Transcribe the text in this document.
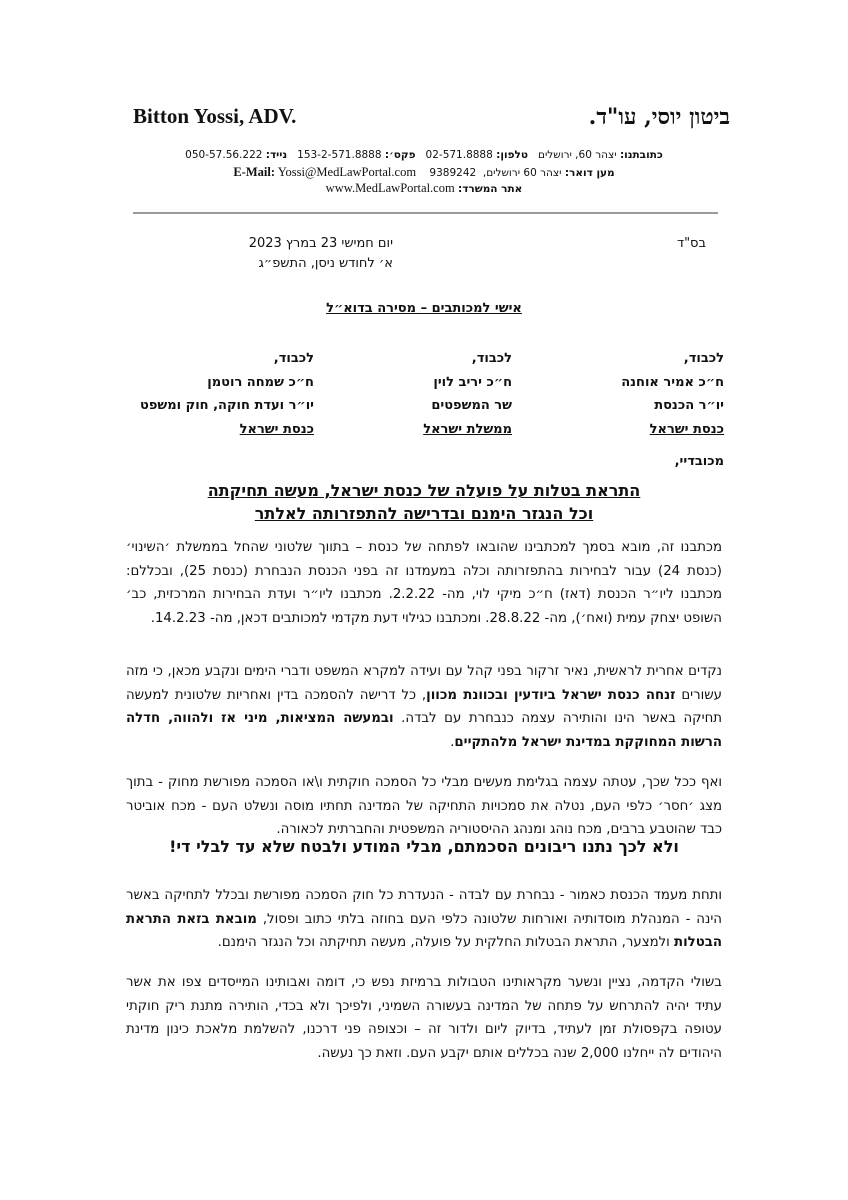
ביטון יוסי, עו"ד.
Bitton Yossi, ADV.
כתובתנו: יצהר 60, ירושלים   טלפון: 02-571.8888   פקס׳: 153-2-571.8888   נייד: 050-57.56.222
מען דואר: יצהר 60 ירושלים,  9389242    E-Mail: Yossi@MedLawPortal.com
אתר המשרד: www.MedLawPortal.com
בס"ד
יום חמישי 23 במרץ 2023
א׳ לחודש ניסן, התשפ״ג
אישי למכותבים – מסירה בדוא״ל
לכבוד,
ח״כ אמיר אוחנה
יו״ר הכנסת
כנסת ישראל
לכבוד,
ח״כ יריב לוין
שר המשפטים
ממשלת ישראל
לכבוד,
ח״כ שמחה רוטמן
יו״ר ועדת חוקה, חוק ומשפט
כנסת ישראל
מכובדיי,
התראת בטלות על פועלה של כנסת ישראל, מעשה תחיקתה
וכל הנגזר הימנם ובדרישה להתפזרותה לאלתר
מכתבנו זה, מובא בסמך למכתבינו שהובאו לפתחה של כנסת – בתווך שלטוני שהחל בממשלת ׳השינוי׳ (כנסת 24) עבור לבחירות בהתפזרותה וכלה במעמדנו זה בפני הכנסת הנבחרת (כנסת 25), ובכללם: מכתבנו ליו״ר הכנסת (דאז) ח״כ מיקי לוי, מה- 2.2.22. מכתבנו ליו״ר ועדת הבחירות המרכזית, כב׳ השופט יצחק עמית (ואח׳), מה- 28.8.22. ומכתבנו כגילוי דעת מקדמי למכותבים דכאן, מה- 14.2.23.
נקדים אחרית לראשית, נאיר זרקור בפני קהל עם ועידה למקרא המשפט ודברי הימים ונקבע מכאן, כי מזה עשורים זנחה כנסת ישראל ביודעין ובכוונת מכוון, כל דרישה להסמכה בדין ואחריות שלטונית למעשה תחיקה באשר הינו והותירה עצמה כנבחרת עם לבדה. ובמעשה המציאות, מיני אז ולהווה, חדלה הרשות המחוקקת במדינת ישראל מלהתקיים.
ואף ככל שכך, עטתה עצמה בגלימת מעשים מבלי כל הסמכה חוקתית ו\או הסמכה מפורשת מחוק - בתוך מצג ׳חסר׳ כלפי העם, נטלה את סמכויות התחיקה של המדינה תחתיו מוסה ונשלט העם - מכח אוביטר כבד שהוטבע ברבים, מכח נוהג ומנהג ההיסטוריה המשפטית והחברתית לכאורה.
ולא לכך נתנו ריבונים הסכמתם, מבלי המודע ולבטח שלא עד לבלי די!
ותחת מעמד הכנסת כאמור - נבחרת עם לבדה - הנעדרת כל חוק הסמכה מפורשת ובכלל לתחיקה באשר הינה - המנהלת מוסדותיה ואורחות שלטונה כלפי העם בחוזה בלתי כתוב ופסול, מובאת בזאת התראת הבטלות ולמצער, התראת הבטלות החלקית על פועלה, מעשה תחיקתה וכל הנגזר הימנם.
בשולי הקדמה, נציין ונשער מקראותינו הטבולות ברמיזת נפש כי, דומה ואבותינו המייסדים צפו את אשר עתיד יהיה להתרחש על פתחה של המדינה בעשורה השמיני, ולפיכך ולא בכדי, הותירה מתנת ריק חוקתי עטופה בקפסולת זמן לעתיד, בדיוק ליום ולדור זה – וכצופה פני דרכנו, להשלמת מלאכת כינון מדינת היהודים לה ייחלנו 2,000 שנה בכללים אותם יקבע העם. וזאת כך נעשה.
